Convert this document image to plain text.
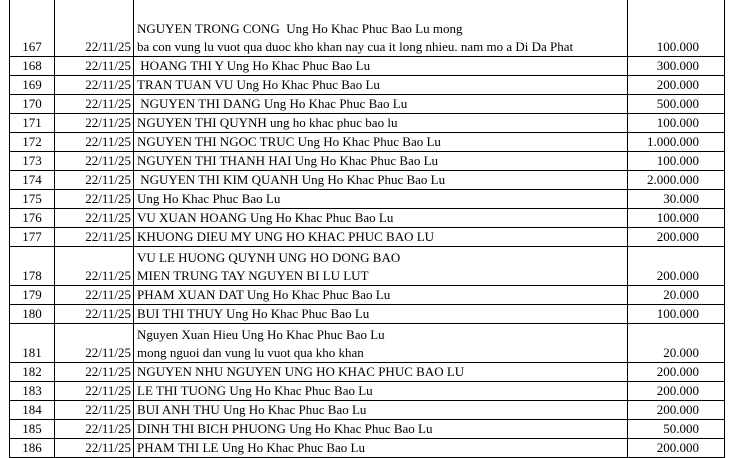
167	22/11/25	NGUYEN TRONG CONG  Ung Ho Khac Phuc Bao Lu mong
ba con vung lu vuot qua duoc kho khan nay cua it long nhieu. nam mo a Di Da Phat	100.000
168	22/11/25	HOANG THI Y Ung Ho Khac Phuc Bao Lu	300.000
169	22/11/25	TRAN TUAN VU Ung Ho Khac Phuc Bao Lu	200.000
170	22/11/25	NGUYEN THI DANG Ung Ho Khac Phuc Bao Lu	500.000
171	22/11/25	NGUYEN THI QUYNH ung ho khac phuc bao lu	100.000
172	22/11/25	NGUYEN THI NGOC TRUC Ung Ho Khac Phuc Bao Lu	1.000.000
173	22/11/25	NGUYEN THI THANH HAI Ung Ho Khac Phuc Bao Lu	100.000
174	22/11/25	NGUYEN THI KIM QUANH Ung Ho Khac Phuc Bao Lu	2.000.000
175	22/11/25	Ung Ho Khac Phuc Bao Lu	30.000
176	22/11/25	VU XUAN HOANG Ung Ho Khac Phuc Bao Lu	100.000
177	22/11/25	KHUONG DIEU MY UNG HO KHAC PHUC BAO LU	200.000
178	22/11/25	VU LE HUONG QUYNH UNG HO DONG BAO
MIEN TRUNG TAY NGUYEN BI LU LUT	200.000
179	22/11/25	PHAM XUAN DAT Ung Ho Khac Phuc Bao Lu	20.000
180	22/11/25	BUI THI THUY Ung Ho Khac Phuc Bao Lu	100.000
181	22/11/25	Nguyen Xuan Hieu Ung Ho Khac Phuc Bao Lu
mong nguoi dan vung lu vuot qua kho khan	20.000
182	22/11/25	NGUYEN NHU NGUYEN UNG HO KHAC PHUC BAO LU	200.000
183	22/11/25	LE THI TUONG Ung Ho Khac Phuc Bao Lu	200.000
184	22/11/25	BUI ANH THU Ung Ho Khac Phuc Bao Lu	200.000
185	22/11/25	DINH THI BICH PHUONG Ung Ho Khac Phuc Bao Lu	50.000
186	22/11/25	PHAM THI LE Ung Ho Khac Phuc Bao Lu	200.000
